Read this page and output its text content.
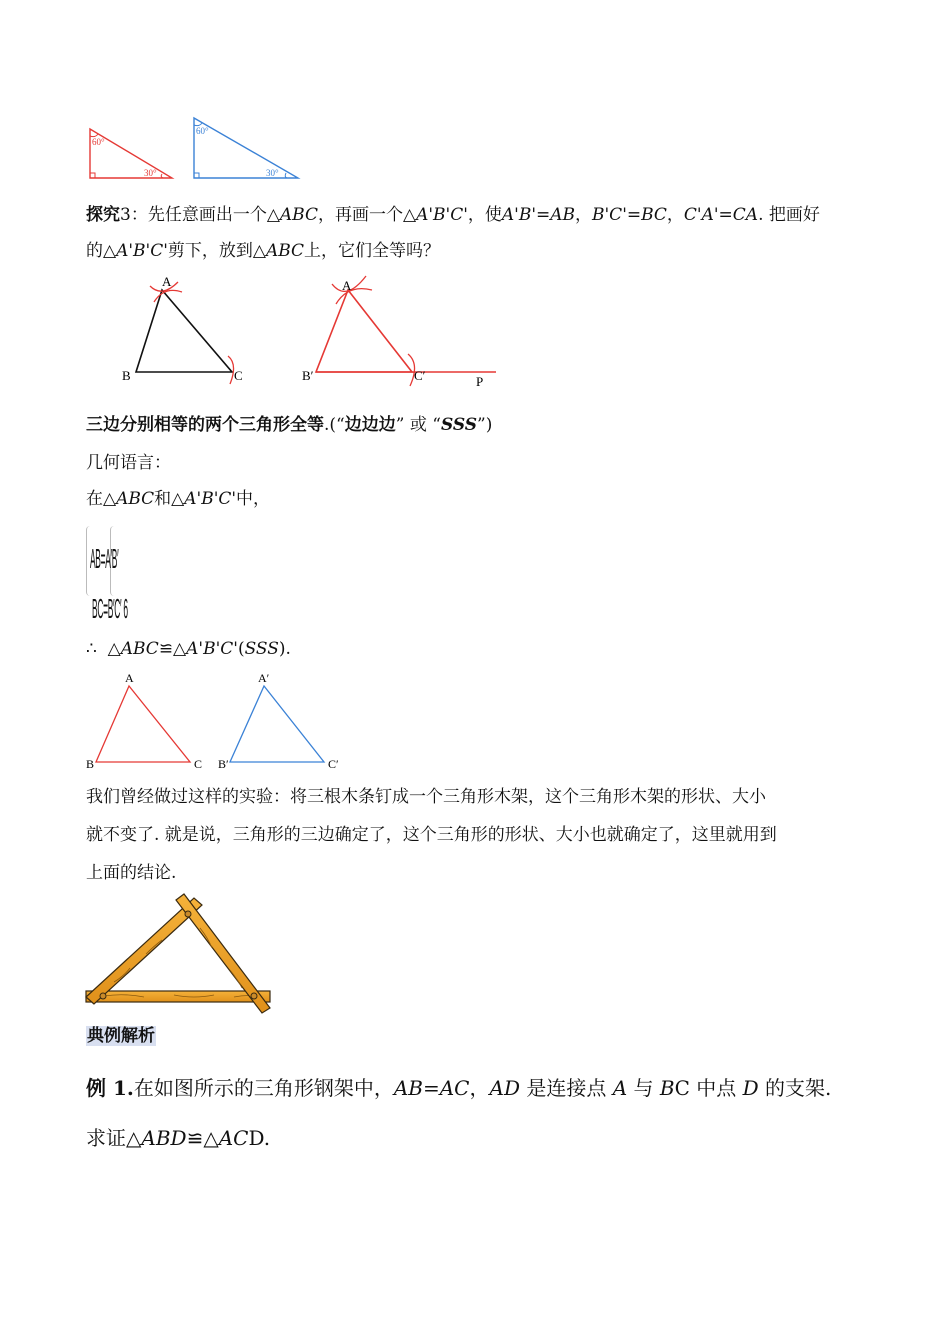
60°
30°
60°
30°
探究3：先任意画出一个△ABC，再画一个△A'B'C'，使A'B'=AB，B'C'=BC，C'A'=CA. 把画好
的△A'B'C'剪下，放到△ABC上，它们全等吗？
A
B	C
A
B′	C′	P
三边分别相等的两个三角形全等.(“边边边” 或 “SSS”)
几何语言：
在△ABC和△A'B'C'中，
AB=A′B′
BC=B′C′ 6
∴ △ABC≌△A'B'C'(SSS).
A
B	C
A′
B′	C′
我们曾经做过这样的实验：将三根木条钉成一个三角形木架，这个三角形木架的形状、大小
就不变了. 就是说，三角形的三边确定了，这个三角形的形状、大小也就确定了，这里就用到
上面的结论.
典例解析
例 1.在如图所示的三角形钢架中，AB=AC，AD 是连接点 A 与 BC 中点 D 的支架.
求证△ABD≌△ACD.
